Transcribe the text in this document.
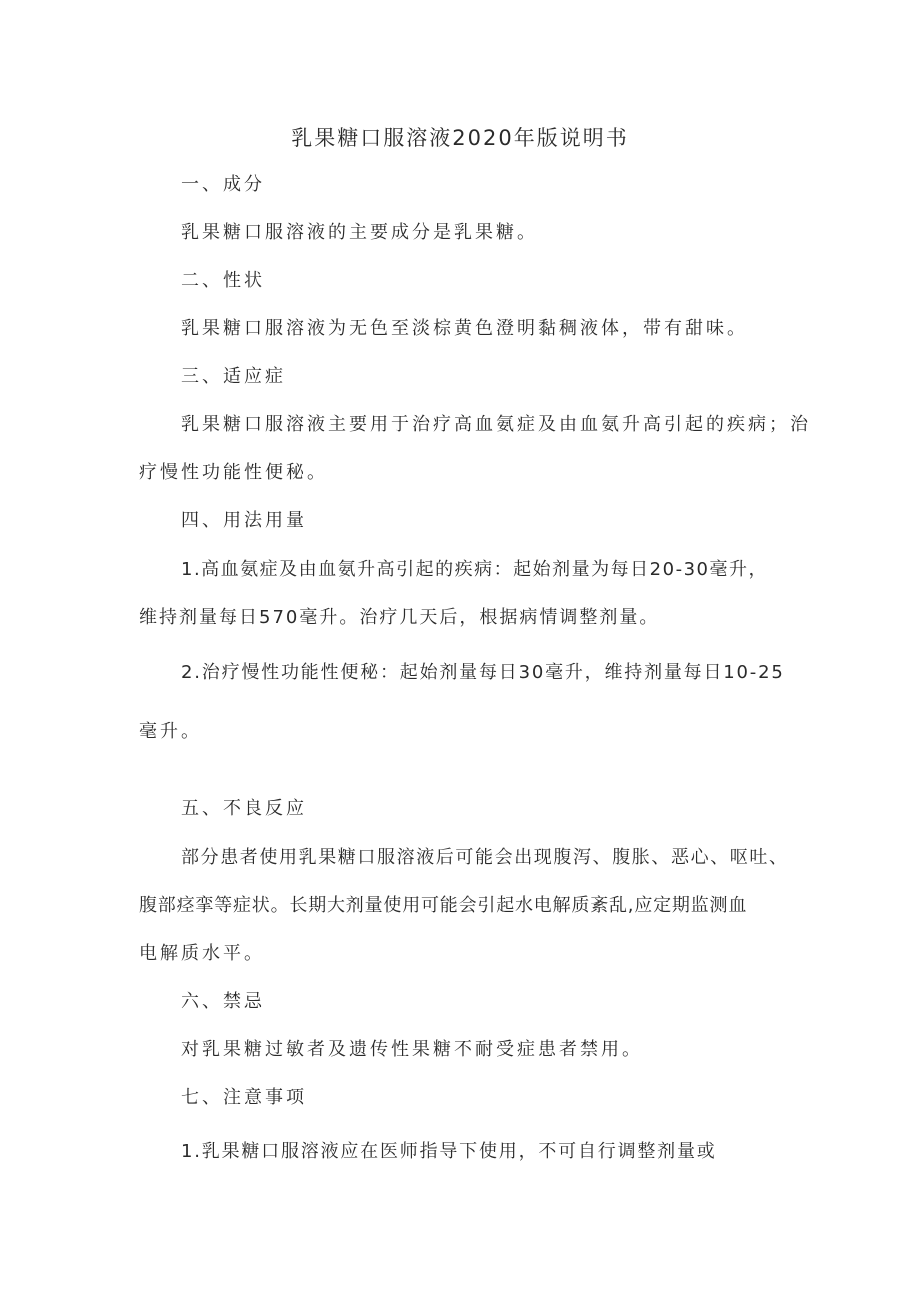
乳果糖口服溶液2020年版说明书
一、成分
乳果糖口服溶液的主要成分是乳果糖。
二、性状
乳果糖口服溶液为无色至淡棕黄色澄明黏稠液体，带有甜味。
三、适应症
乳果糖口服溶液主要用于治疗高血氨症及由血氨升高引起的疾病；治
疗慢性功能性便秘。
四、用法用量
1.高血氨症及由血氨升高引起的疾病：起始剂量为每日20-30毫升，
维持剂量每日570毫升。治疗几天后，根据病情调整剂量。
2.治疗慢性功能性便秘：起始剂量每日30毫升，维持剂量每日10-25
毫升。
五、不良反应
部分患者使用乳果糖口服溶液后可能会出现腹泻、腹胀、恶心、呕吐、
腹部痉挛等症状。长期大剂量使用可能会引起水电解质紊乱,应定期监测血
电解质水平。
六、禁忌
对乳果糖过敏者及遗传性果糖不耐受症患者禁用。
七、注意事项
1.乳果糖口服溶液应在医师指导下使用，不可自行调整剂量或
